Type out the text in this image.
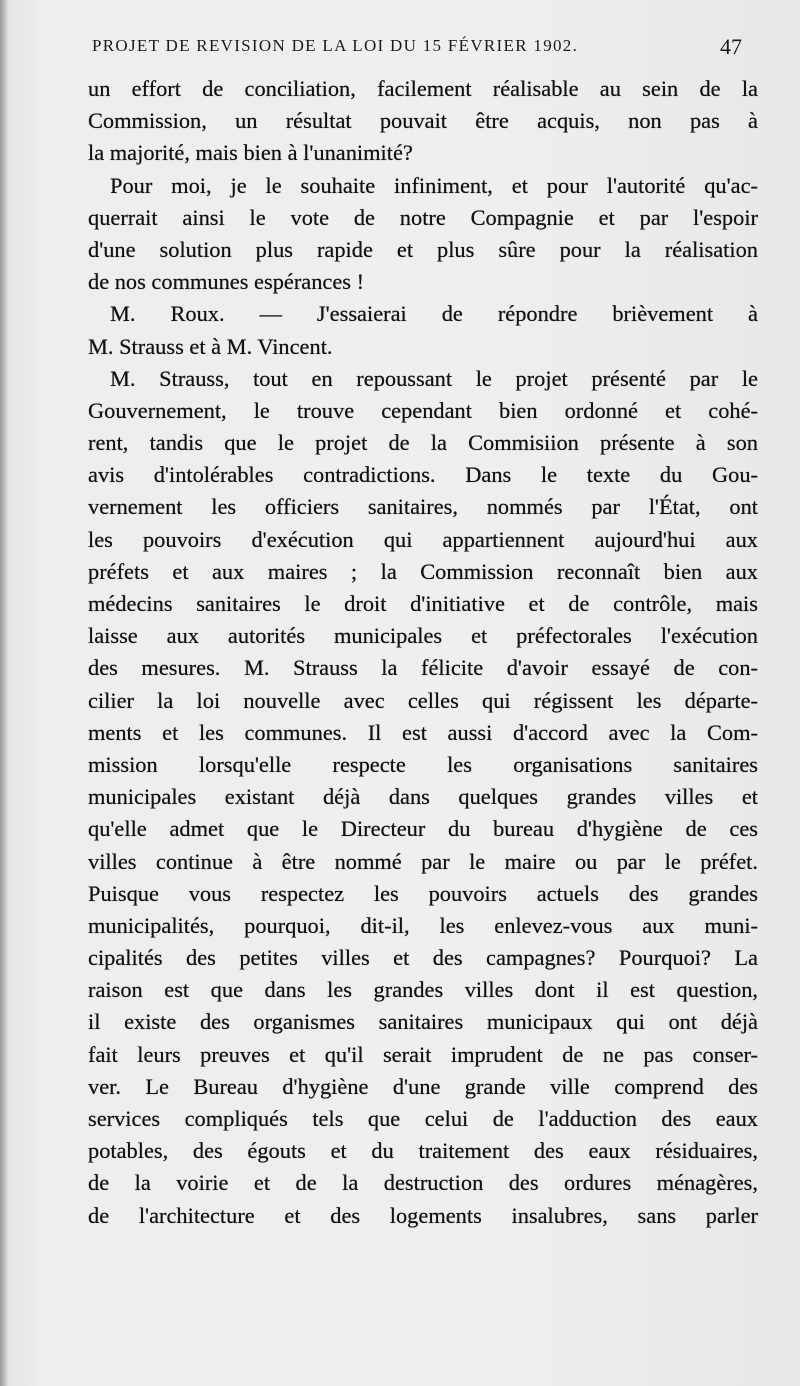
PROJET DE REVISION DE LA LOI DU 15 FÉVRIER 1902.	47
un effort de conciliation, facilement réalisable au sein de la
Commission, un résultat pouvait être acquis, non pas à
la majorité, mais bien à l'unanimité?
Pour moi, je le souhaite infiniment, et pour l'autorité qu'ac-
querrait ainsi le vote de notre Compagnie et par l'espoir
d'une solution plus rapide et plus sûre pour la réalisation
de nos communes espérances !
M. Roux. — J'essaierai de répondre brièvement à
M. Strauss et à M. Vincent.
M. Strauss, tout en repoussant le projet présenté par le
Gouvernement, le trouve cependant bien ordonné et cohé-
rent, tandis que le projet de la Commisiion présente à son
avis d'intolérables contradictions. Dans le texte du Gou-
vernement les officiers sanitaires, nommés par l'État, ont
les pouvoirs d'exécution qui appartiennent aujourd'hui aux
préfets et aux maires ; la Commission reconnaît bien aux
médecins sanitaires le droit d'initiative et de contrôle, mais
laisse aux autorités municipales et préfectorales l'exécution
des mesures. M. Strauss la félicite d'avoir essayé de con-
cilier la loi nouvelle avec celles qui régissent les départe-
ments et les communes. Il est aussi d'accord avec la Com-
mission lorsqu'elle respecte les organisations sanitaires
municipales existant déjà dans quelques grandes villes et
qu'elle admet que le Directeur du bureau d'hygiène de ces
villes continue à être nommé par le maire ou par le préfet.
Puisque vous respectez les pouvoirs actuels des grandes
municipalités, pourquoi, dit-il, les enlevez-vous aux muni-
cipalités des petites villes et des campagnes? Pourquoi? La
raison est que dans les grandes villes dont il est question,
il existe des organismes sanitaires municipaux qui ont déjà
fait leurs preuves et qu'il serait imprudent de ne pas conser-
ver. Le Bureau d'hygiène d'une grande ville comprend des
services compliqués tels que celui de l'adduction des eaux
potables, des égouts et du traitement des eaux résiduaires,
de la voirie et de la destruction des ordures ménagères,
de l'architecture et des logements insalubres, sans parler
